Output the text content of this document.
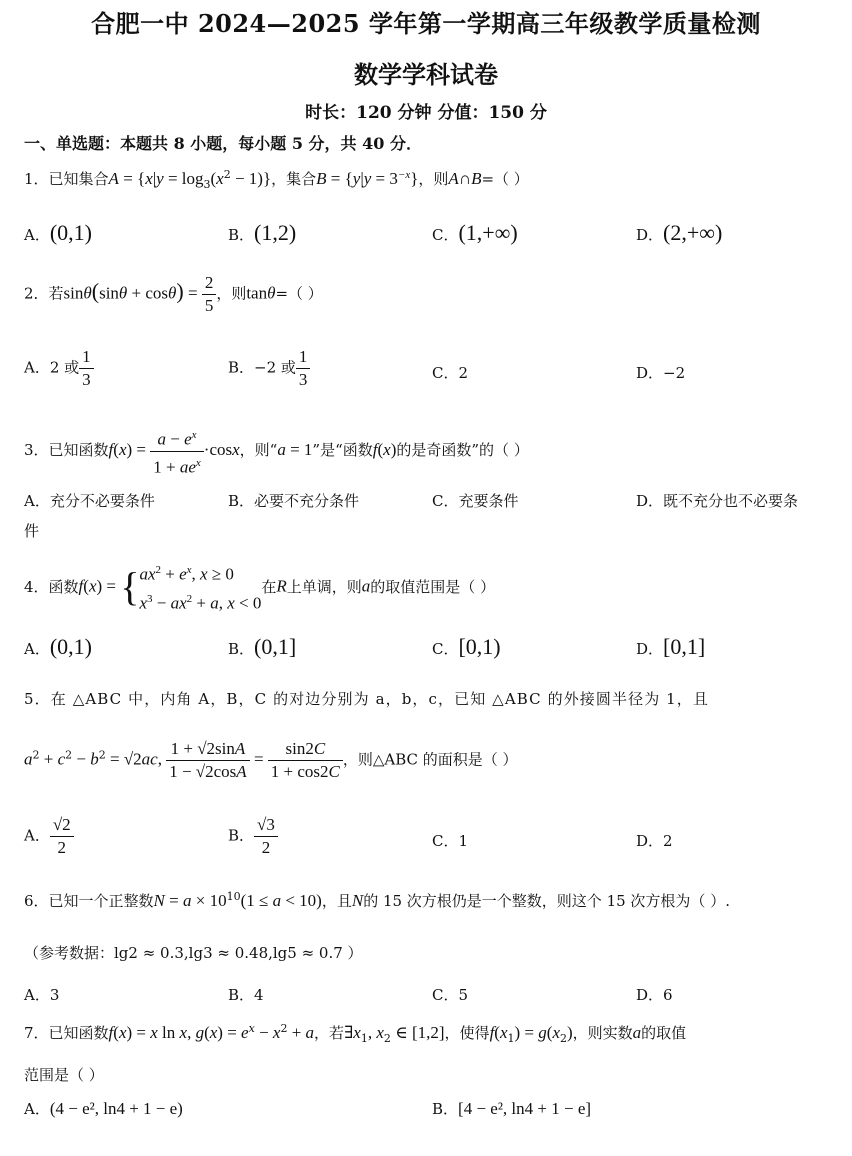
合肥一中 2024—2025 学年第一学期高三年级教学质量检测
数学学科试卷
时长：120 分钟 分值：150 分
一、单选题：本题共 8 小题，每小题 5 分，共 40 分．
1．已知集合$A = \{x|y = \log_3(x^2 - 1)\}$，集合$B = \{y|y = 3^{-x}\}$，则A∩B=（ ）
A．(0,1)	B．(1,2)	C．(1,+∞)	D．(2,+∞)
2．若$\sin\theta(\sin\theta + \cos\theta) = \frac{2}{5}$ ，则tanθ=（ ）
A．2 或 $\frac{1}{3}$	B．−2 或 $\frac{1}{3}$	C．2	D．−2
3．已知函数$f(x) = \frac{a - e^x}{1 + ae^x} \cdot\cos x$，则“a = 1”是“函数f(x)的是奇函数”的（ ）
A．充分不必要条件	B．必要不充分条件	C．充要条件	D．既不充分也不必要条
件
4．函数f(x) = { $ax^2 + e^x$, x ≥ 0
$x^3 - ax^2 + a$, x < 0
在R上单调，则a的取值范围是（ ）
A．(0,1)	B．(0,1]	C．[0,1)	D．[0,1]
5．在 △ABC 中，内角 A，B，C 的对边分别为 a，b，c，已知 △ABC 的外接圆半径为 1，且
$a^2 + c^2 - b^2 = √2ac$, $\frac{1 + √2\sin A}{1 - √2\cos A} = \frac{\sin 2C}{1 + \cos 2C}$ ，则△ABC 的面积是（ ）
A． $\frac{√2}{2}$	B． $\frac{√3}{2}$	C．1	D．2
6．已知一个正整数$N = a \times 10^{10}(1 \le a < 10)$，且N的 15 次方根仍是一个整数，则这个 15 次方根为（ ）.
（参考数据：lg2 ≈ 0.3,lg3 ≈ 0.48,lg5 ≈ 0.7 ）
A．3	B．4	C．5	D．6
7．已知函数f(x) = x ln x, $g(x) = e^x - x^2 + a$，若$\exists x_1$, $x_2$ ∈ [1,2]，使得$f(x_1) = g(x_2)$，则实数a的取值
范围是（ ）
A．(4 − e², ln4 + 1 − e)	B．[4 − e², ln4 + 1 − e]
